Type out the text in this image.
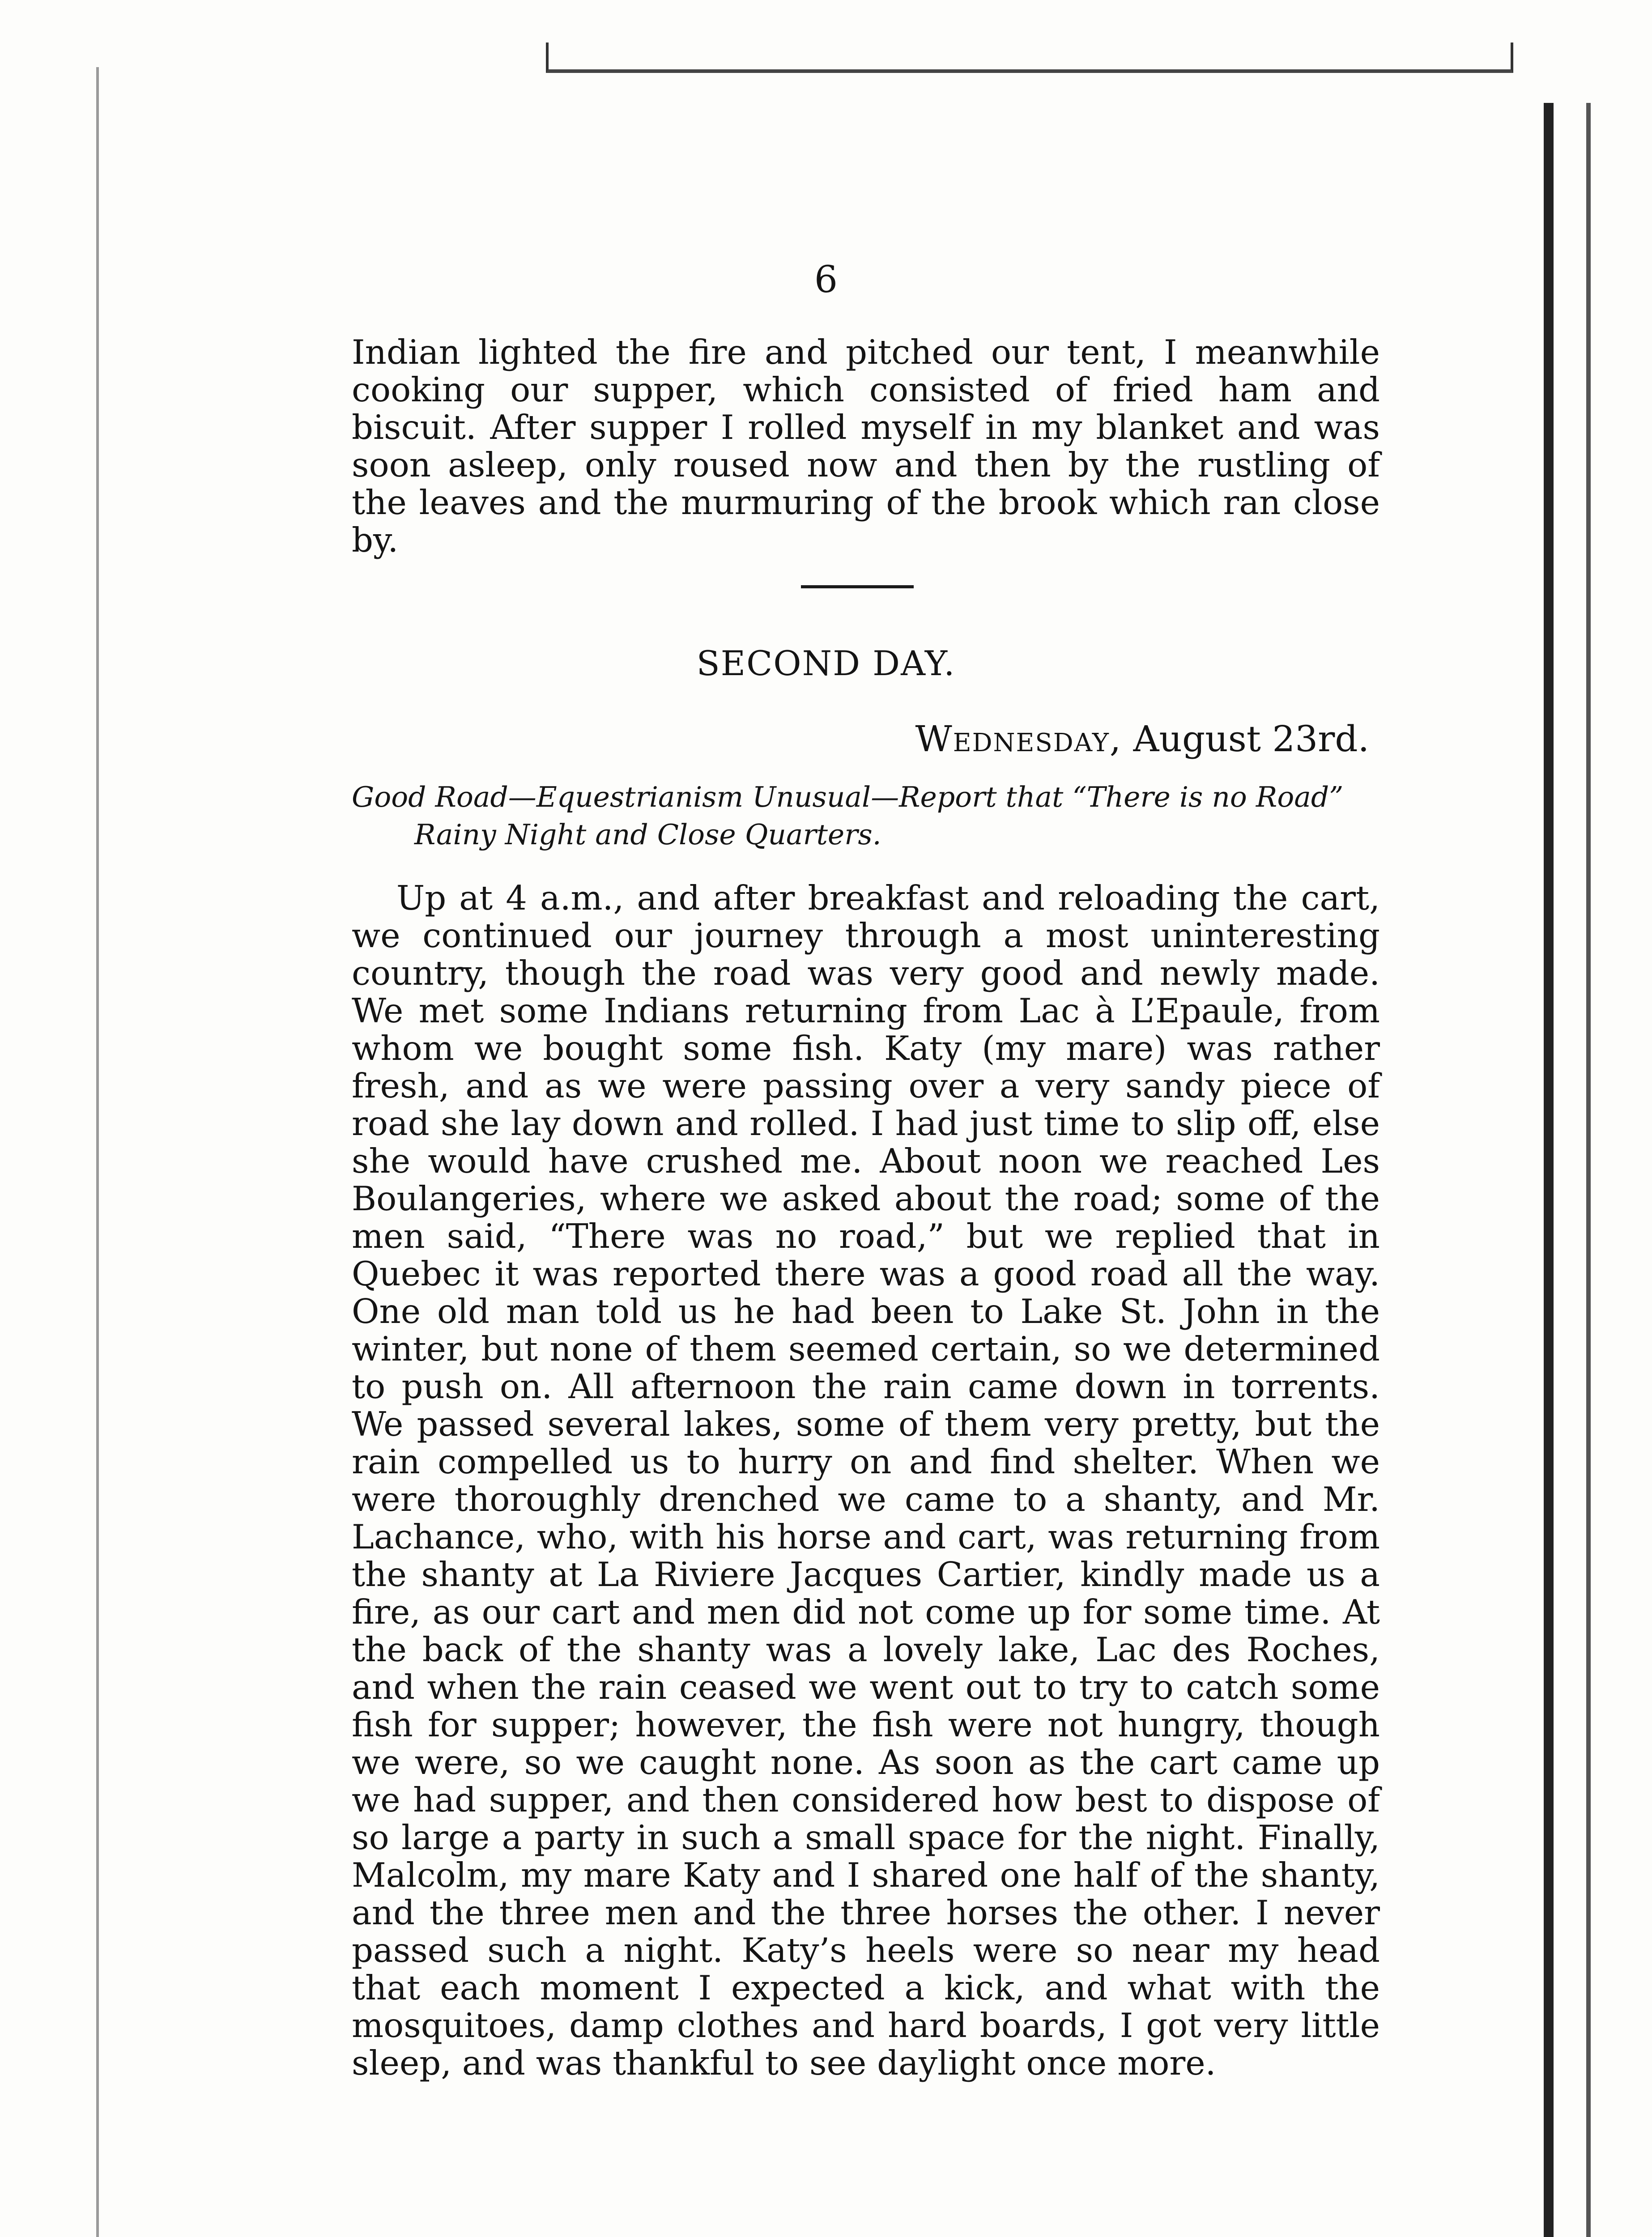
6

Indian lighted the fire and pitched our tent, I meanwhile cooking our supper, which consisted of fried ham and biscuit. After supper I rolled myself in my blanket and was soon asleep, only roused now and then by the rustling of the leaves and the murmuring of the brook which ran close by.

SECOND DAY.
Wednesday, August 23rd.
Good Road—Equestrianism Unusual—Report that “There is no Road”
Rainy Night and Close Quarters.

Up at 4 a.m., and after breakfast and reloading the cart, we continued our journey through a most uninteresting country, though the road was very good and newly made. We met some Indians returning from Lac à L’Epaule, from whom we bought some fish. Katy (my mare) was rather fresh, and as we were passing over a very sandy piece of road she lay down and rolled. I had just time to slip off, else she would have crushed me. About noon we reached Les Boulangeries, where we asked about the road; some of the men said, “There was no road,” but we replied that in Quebec it was reported there was a good road all the way. One old man told us he had been to Lake St. John in the winter, but none of them seemed certain, so we determined to push on. All afternoon the rain came down in torrents. We passed several lakes, some of them very pretty, but the rain compelled us to hurry on and find shelter. When we were thoroughly drenched we came to a shanty, and Mr. Lachance, who, with his horse and cart, was returning from the shanty at La Riviere Jacques Cartier, kindly made us a fire, as our cart and men did not come up for some time. At the back of the shanty was a lovely lake, Lac des Roches, and when the rain ceased we went out to try to catch some fish for supper; however, the fish were not hungry, though we were, so we caught none. As soon as the cart came up we had supper, and then considered how best to dispose of so large a party in such a small space for the night. Finally, Malcolm, my mare Katy and I shared one half of the shanty, and the three men and the three horses the other. I never passed such a night. Katy’s heels were so near my head that each moment I expected a kick, and what with the mosquitoes, damp clothes and hard boards, I got very little sleep, and was thankful to see daylight once more.
